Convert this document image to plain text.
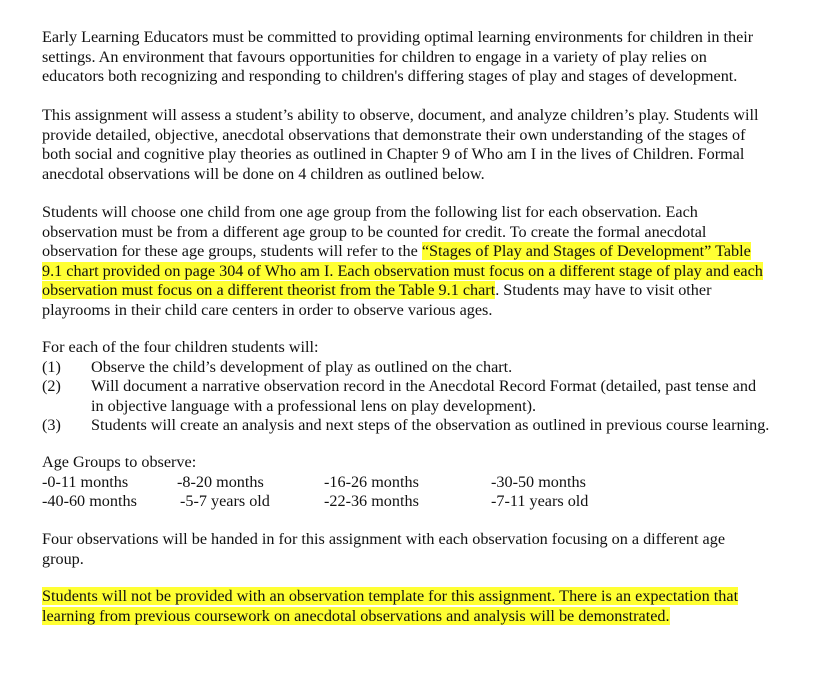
Early Learning Educators must be committed to providing optimal learning environments for children in their
settings. An environment that favours opportunities for children to engage in a variety of play relies on
educators both recognizing and responding to children's differing stages of play and stages of development.
This assignment will assess a student’s ability to observe, document, and analyze children’s play. Students will
provide detailed, objective, anecdotal observations that demonstrate their own understanding of the stages of
both social and cognitive play theories as outlined in Chapter 9 of Who am I in the lives of Children. Formal
anecdotal observations will be done on 4 children as outlined below.
Students will choose one child from one age group from the following list for each observation. Each
observation must be from a different age group to be counted for credit. To create the formal anecdotal
observation for these age groups, students will refer to the “Stages of Play and Stages of Development” Table
9.1 chart provided on page 304 of Who am I. Each observation must focus on a different stage of play and each
observation must focus on a different theorist from the Table 9.1 chart. Students may have to visit other
playrooms in their child care centers in order to observe various ages.
For each of the four children students will:

(1)

Observe the child’s development of play as outlined on the chart.

(2)

Will document a narrative observation record in the Anecdotal Record Format (detailed, past tense and

in objective language with a professional lens on play development).

(3)

Students will create an analysis and next steps of the observation as outlined in previous course learning.

Age Groups to observe:
-0-11 months	-8-20 months	-16-26 months	-30-50 months
-40-60 months	-5-7 years old	-22-36 months	-7-11 years old
Four observations will be handed in for this assignment with each observation focusing on a different age
group.
Students will not be provided with an observation template for this assignment. There is an expectation that
learning from previous coursework on anecdotal observations and analysis will be demonstrated.
